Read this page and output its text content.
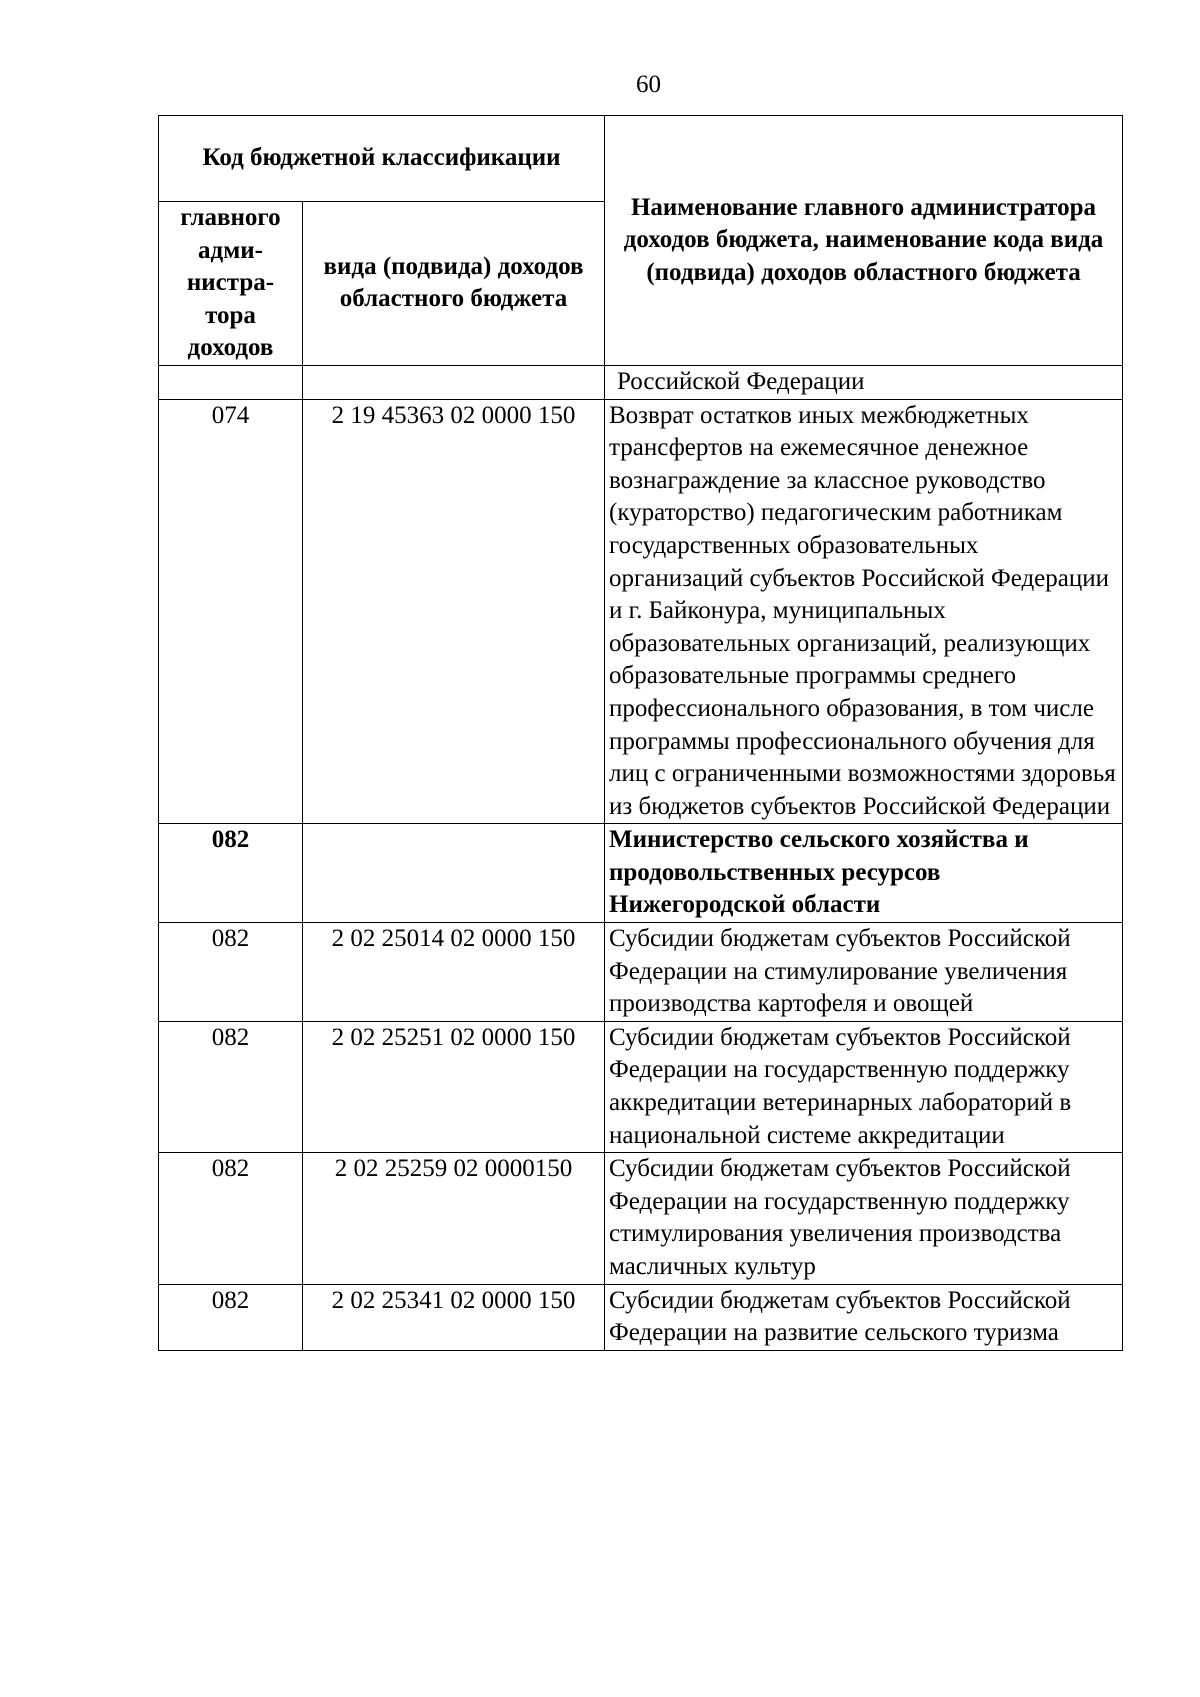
60
Код бюджетной классификации		Наименование главного администратора доходов бюджета, наименование кода вида (подвида) доходов областного бюджета
главного адми-нистра-тора доходов	вида (подвида) доходов областного бюджета	
		Российской Федерации
074	2 19 45363 02 0000 150	Возврат остатков иных межбюджетных трансфертов на ежемесячное денежное вознаграждение за классное руководство (кураторство) педагогическим работникам государственных образовательных организаций субъектов Российской Федерации и г. Байконура, муниципальных образовательных организаций, реализующих образовательные программы среднего профессионального образования, в том числе программы профессионального обучения для лиц с ограниченными возможностями здоровья из бюджетов субъектов Российской Федерации
082		Министерство сельского хозяйства и продовольственных ресурсов Нижегородской области
082	2 02 25014 02 0000 150	Субсидии бюджетам субъектов Российской Федерации на стимулирование увеличения производства картофеля и овощей
082	2 02 25251 02 0000 150	Субсидии бюджетам субъектов Российской Федерации на государственную поддержку аккредитации ветеринарных лабораторий в национальной системе аккредитации
082	2 02 25259 02 0000150	Субсидии бюджетам субъектов Российской Федерации на государственную поддержку стимулирования увеличения производства масличных культур
082	2 02 25341 02 0000 150	Субсидии бюджетам субъектов Российской Федерации на развитие сельского туризма
